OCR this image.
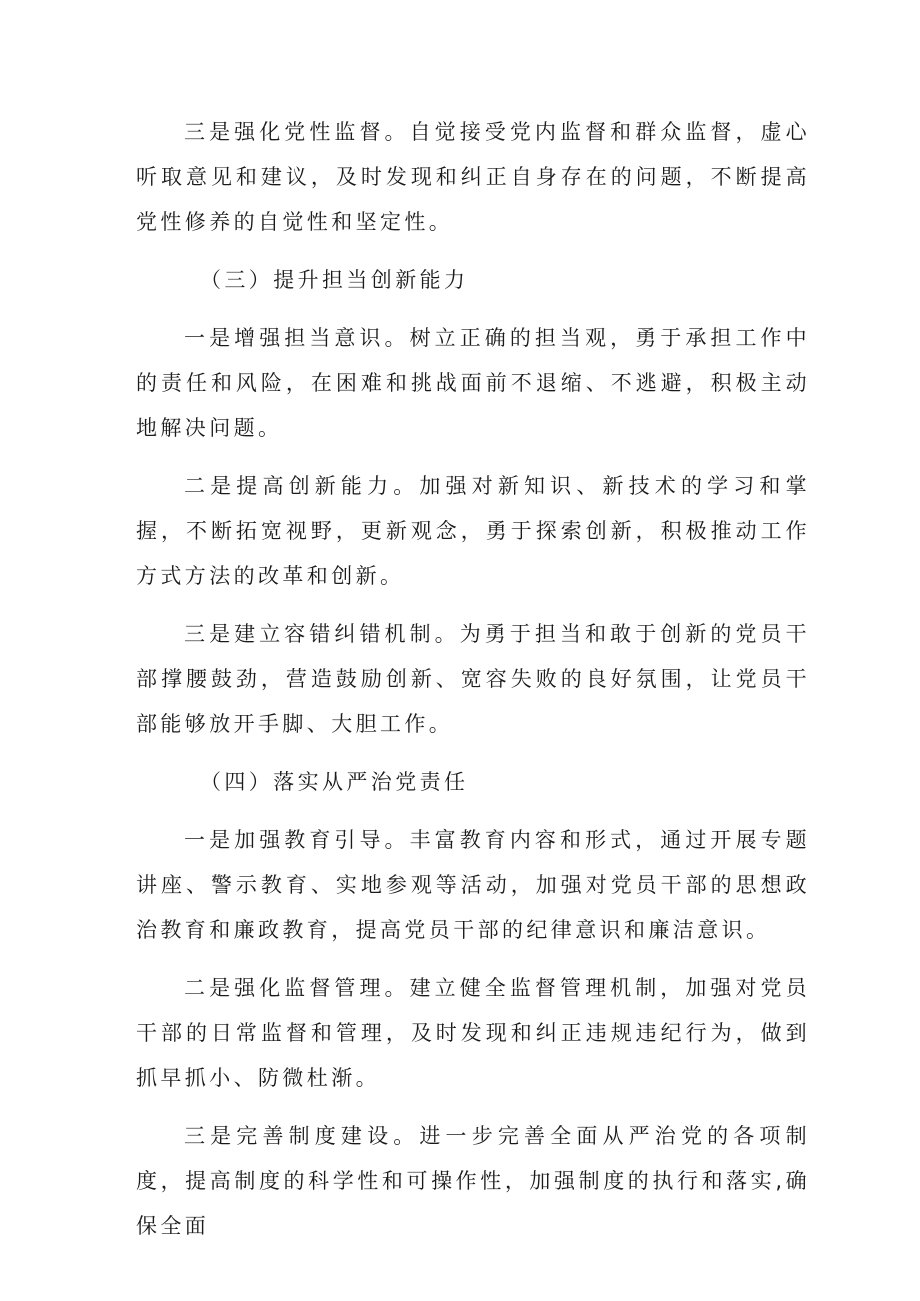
三是强化党性监督。自觉接受党内监督和群众监督，虚心听取意见和建议，及时发现和纠正自身存在的问题，不断提高党性修养的自觉性和坚定性。

（三）提升担当创新能力

一是增强担当意识。树立正确的担当观，勇于承担工作中的责任和风险，在困难和挑战面前不退缩、不逃避，积极主动地解决问题。

二是提高创新能力。加强对新知识、新技术的学习和掌握，不断拓宽视野，更新观念，勇于探索创新，积极推动工作方式方法的改革和创新。

三是建立容错纠错机制。为勇于担当和敢于创新的党员干部撑腰鼓劲，营造鼓励创新、宽容失败的良好氛围，让党员干部能够放开手脚、大胆工作。

（四）落实从严治党责任

一是加强教育引导。丰富教育内容和形式，通过开展专题讲座、警示教育、实地参观等活动，加强对党员干部的思想政治教育和廉政教育，提高党员干部的纪律意识和廉洁意识。

二是强化监督管理。建立健全监督管理机制，加强对党员干部的日常监督和管理，及时发现和纠正违规违纪行为，做到抓早抓小、防微杜渐。

三是完善制度建设。进一步完善全面从严治党的各项制度，提高制度的科学性和可操作性，加强制度的执行和落实,确保全面
